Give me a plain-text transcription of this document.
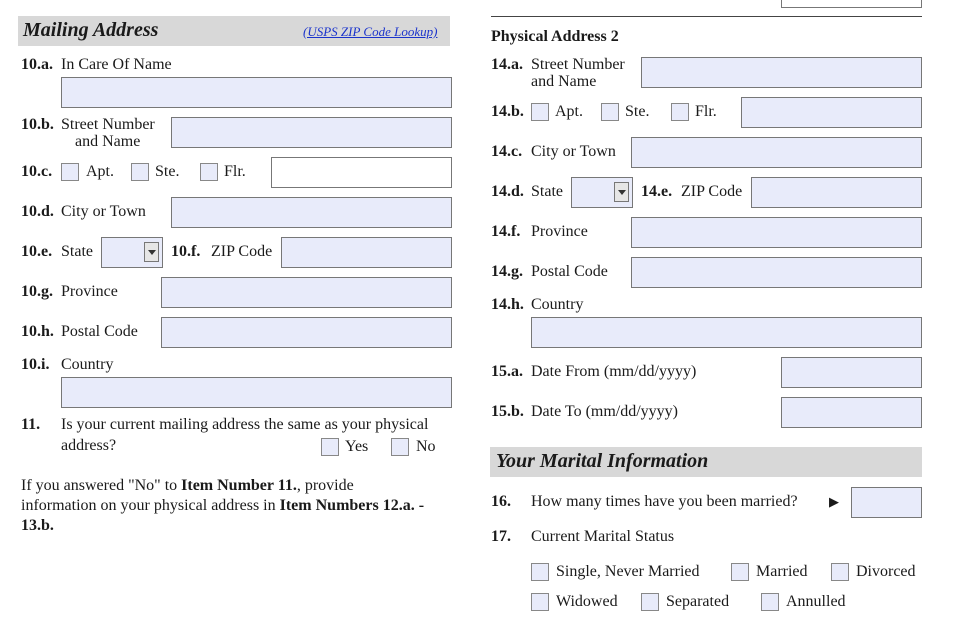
Mailing Address	(USPS ZIP Code Lookup)
10.a. In Care Of Name
10.b. Street Number
and Name
10.c. Apt.	Ste.	Flr.
10.d. City or Town
10.e. State	10.f. ZIP Code
10.g. Province
10.h. Postal Code
10.i. Country
11. Is your current mailing address the same as your physical
address?	Yes	No
If you answered "No" to Item Number 11., provide
information on your physical address in Item Numbers 12.a. -
13.b.
Physical Address 2
14.a. Street Number
and Name
14.b. Apt.	Ste.	Flr.
14.c. City or Town
14.d. State	14.e. ZIP Code
14.f. Province
14.g. Postal Code
14.h. Country
15.a. Date From (mm/dd/yyyy)
15.b. Date To (mm/dd/yyyy)
Your Marital Information
16. How many times have you been married? ▶
17. Current Marital Status
Single, Never Married	Married	Divorced
Widowed	Separated	Annulled
